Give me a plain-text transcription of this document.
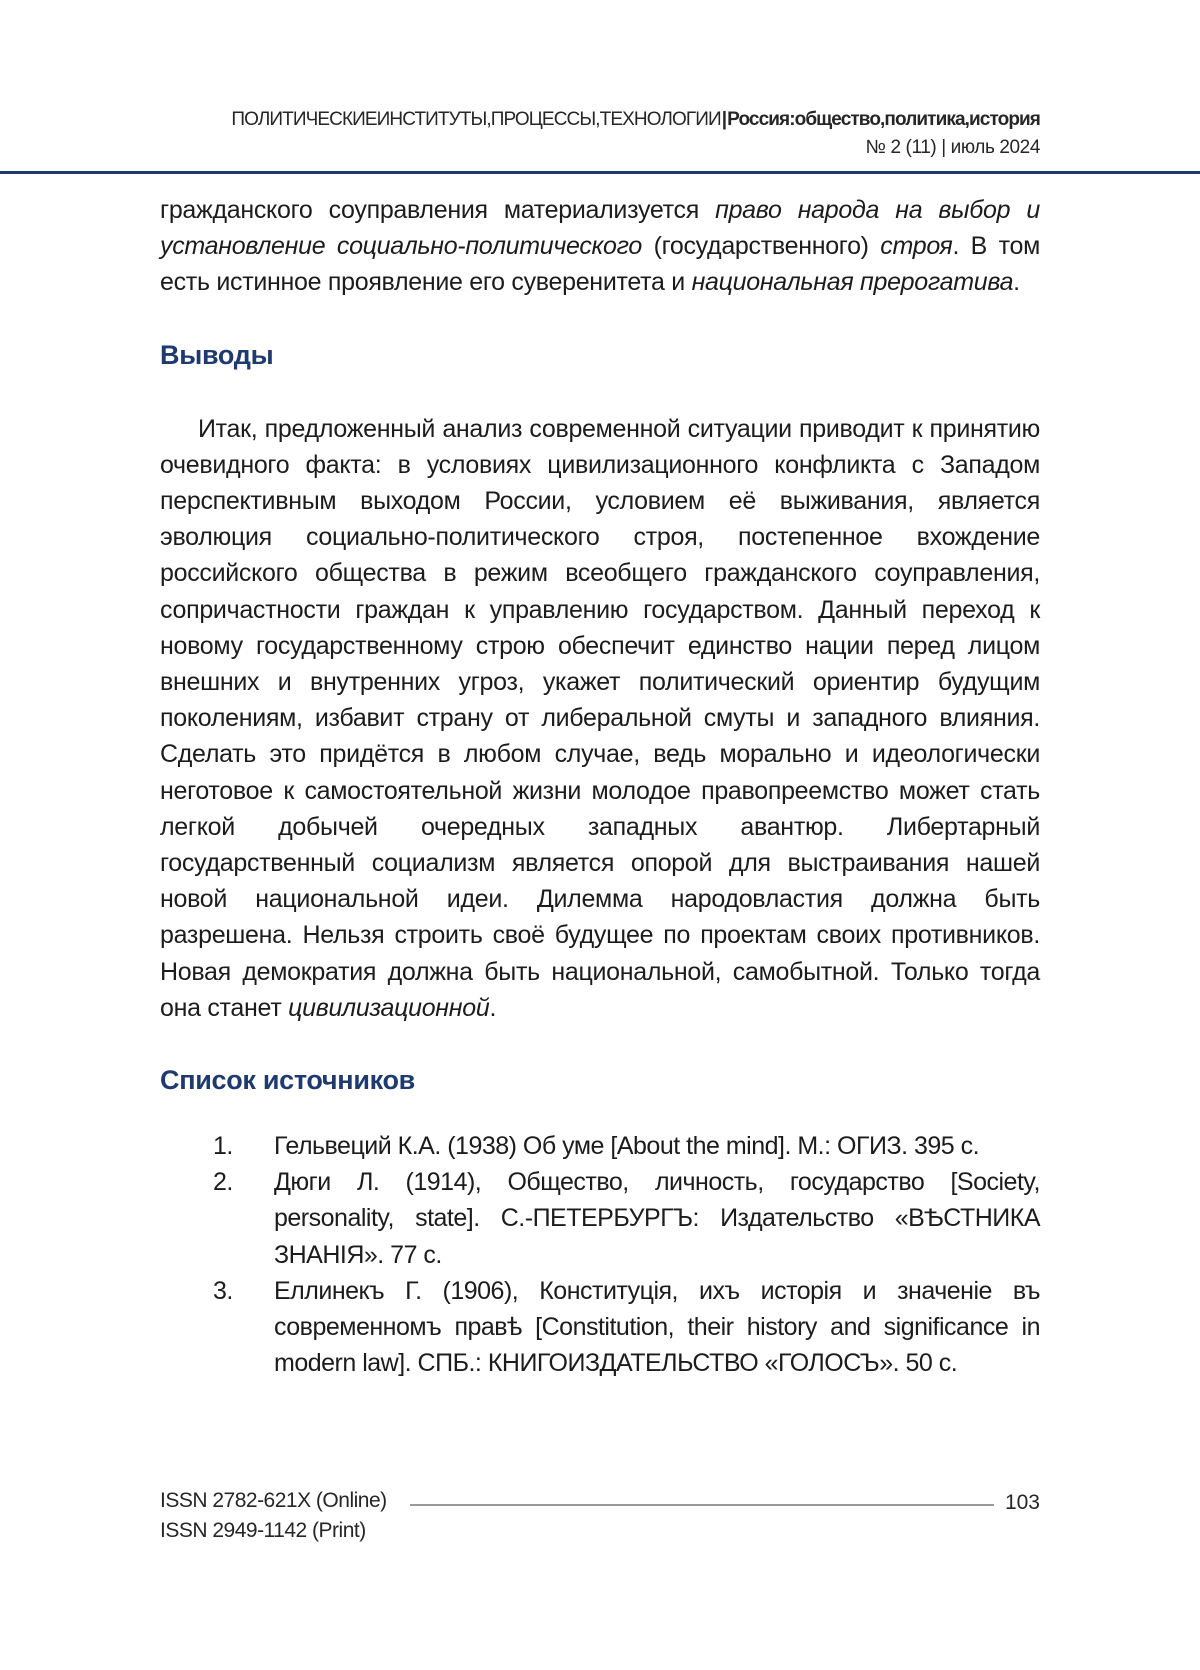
ПОЛИТИЧЕСКИЕИНСТИТУТЫ,ПРОЦЕССЫ,ТЕХНОЛОГИИ|Россия:общество,политика,история
№ 2 (11) | июль 2024

гражданского соуправления материализуется право народа на выбор и установление социально-политического (государственного) строя. В том есть истинное проявление его суверенитета и национальная прерогатива.

Выводы

Итак, предложенный анализ современной ситуации приводит к принятию очевидного факта: в условиях цивилизационного конфликта с Западом перспективным выходом России, условием её выживания, является эволюция социально-политического строя, постепенное вхождение российского общества в режим всеобщего гражданского соуправления, сопричастности граждан к управлению государством. Данный переход к новому государственному строю обеспечит единство нации перед лицом внешних и внутренних угроз, укажет политический ориентир будущим поколениям, избавит страну от либеральной смуты и западного влияния. Сделать это придётся в любом случае, ведь морально и идеологически неготовое к самостоятельной жизни молодое правопреемство может стать легкой добычей очередных западных авантюр. Либертарный государственный социализм является опорой для выстраивания нашей новой национальной идеи. Дилемма народовластия должна быть разрешена. Нельзя строить своё будущее по проектам своих противников. Новая демократия должна быть национальной, самобытной. Только тогда она станет цивилизационной.

Список источников
1. Гельвеций К.А. (1938) Об уме [About the mind]. М.: ОГИЗ. 395 с.
2. Дюги Л. (1914), Общество, личность, государство [Society, personality, state]. С.-ПЕТЕРБУРГЪ: Издательство «ВѢСТНИКА ЗНАНІЯ». 77 с.
3. Еллинекъ Г. (1906), Конституція, ихъ исторія и значеніе въ современномъ правѣ [Constitution, their history and significance in modern law]. СПБ.: КНИГОИЗДАТЕЛЬСТВО «ГОЛОСЪ». 50 с.
ISSN 2782-621X (Online)
ISSN 2949-1142 (Print)
103
